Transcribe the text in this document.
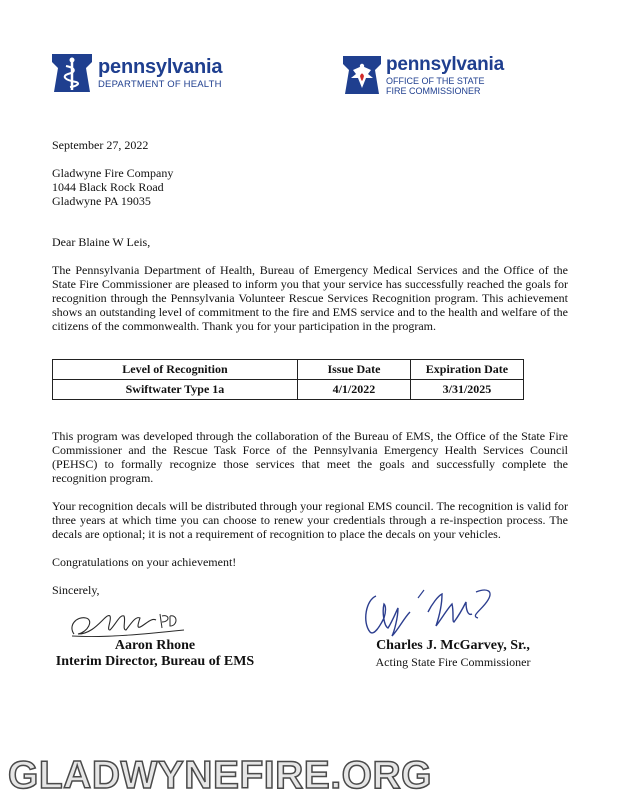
pennsylvania
DEPARTMENT OF HEALTH
pennsylvania
OFFICE OF THE STATE
FIRE COMMISSIONER
September 27, 2022
Gladwyne Fire Company
1044 Black Rock Road
Gladwyne PA 19035
Dear Blaine W Leis,
The Pennsylvania Department of Health, Bureau of Emergency Medical Services and the Office of the State Fire Commissioner are pleased to inform you that your service has successfully reached the goals for recognition through the Pennsylvania Volunteer Rescue Services Recognition program. This achievement shows an outstanding level of commitment to the fire and EMS service and to the health and welfare of the citizens of the commonwealth. Thank you for your participation in the program.
Level of Recognition	Issue Date	Expiration Date
Swiftwater Type 1a	4/1/2022	3/31/2025
This program was developed through the collaboration of the Bureau of EMS, the Office of the State Fire Commissioner and the Rescue Task Force of the Pennsylvania Emergency Health Services Council (PEHSC) to formally recognize those services that meet the goals and successfully complete the recognition program.
Your recognition decals will be distributed through your regional EMS council. The recognition is valid for three years at which time you can choose to renew your credentials through a re-inspection process. The decals are optional; it is not a requirement of recognition to place the decals on your vehicles.
Congratulations on your achievement!
Sincerely,
Aaron Rhone
Interim Director, Bureau of EMS
Charles J. McGarvey, Sr.,
Acting State Fire Commissioner
GLADWYNEFIRE.ORG
